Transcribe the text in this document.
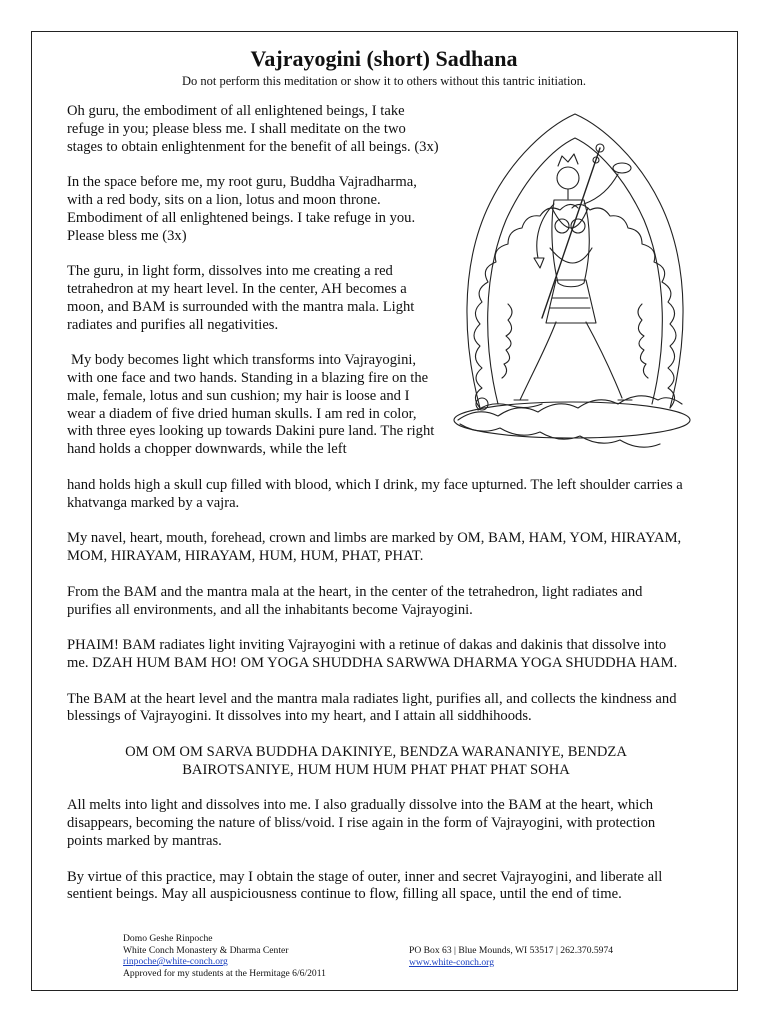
Vajrayogini (short) Sadhana
Do not perform this meditation or show it to others without this tantric initiation.

Oh guru, the embodiment of all enlightened beings, I take refuge in you; please bless me. I shall meditate on the two stages to obtain enlightenment for the benefit of all beings. (3x)

In the space before me, my root guru, Buddha Vajradharma, with a red body, sits on a lion, lotus and moon throne. Embodiment of all enlightened beings. I take refuge in you. Please bless me (3x)

The guru, in light form, dissolves into me creating a red tetrahedron at my heart level. In the center, AH becomes a moon, and BAM is surrounded with the mantra mala. Light radiates and purifies all negativities.

My body becomes light which transforms into Vajrayogini, with one face and two hands. Standing in a blazing fire on the male, female, lotus and sun cushion; my hair is loose and I wear a diadem of five dried human skulls. I am red in color, with three eyes looking up towards Dakini pure land. The right hand holds a chopper downwards, while the left

hand holds high a skull cup filled with blood, which I drink, my face upturned. The left shoulder carries a khatvanga marked by a vajra.

My navel, heart, mouth, forehead, crown and limbs are marked by OM, BAM, HAM, YOM, HIRAYAM, MOM, HIRAYAM, HIRAYAM, HUM, HUM, PHAT, PHAT.

From the BAM and the mantra mala at the heart, in the center of the tetrahedron, light radiates and purifies all environments, and all the inhabitants become Vajrayogini.

PHAIM! BAM radiates light inviting Vajrayogini with a retinue of dakas and dakinis that dissolve into me. DZAH HUM BAM HO! OM YOGA SHUDDHA SARWWA DHARMA YOGA SHUDDHA HAM.

The BAM at the heart level and the mantra mala radiates light, purifies all, and collects the kindness and blessings of Vajrayogini. It dissolves into my heart, and I attain all siddhihoods.

OM OM OM SARVA BUDDHA DAKINIYE, BENDZA WARANANIYE, BENDZA
BAIROTSANIYE, HUM HUM HUM PHAT PHAT PHAT SOHA

All melts into light and dissolves into me. I also gradually dissolve into the BAM at the heart, which disappears, becoming the nature of bliss/void. I rise again in the form of Vajrayogini, with protection points marked by mantras.

By virtue of this practice, may I obtain the stage of outer, inner and secret Vajrayogini, and liberate all sentient beings. May all auspiciousness continue to flow, filling all space, until the end of time.

Domo Geshe Rinpoche
White Conch Monastery & Dharma Center
rinpoche@white-conch.org
Approved for my students at the Hermitage 6/6/2011
PO Box 63 | Blue Mounds, WI 53517 | 262.370.5974
www.white-conch.org
